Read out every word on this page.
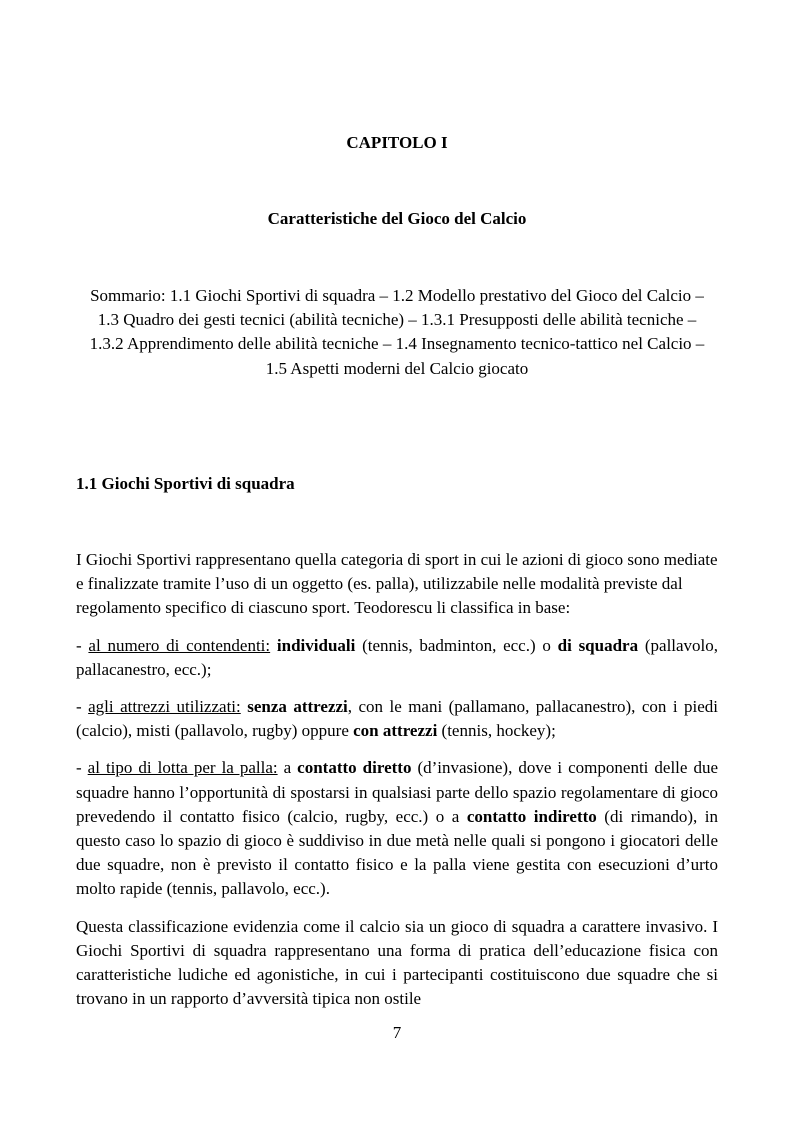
CAPITOLO I
Caratteristiche del Gioco del Calcio

Sommario: 1.1 Giochi Sportivi di squadra – 1.2 Modello prestativo del Gioco del Calcio – 1.3 Quadro dei gesti tecnici (abilità tecniche) – 1.3.1 Presupposti delle abilità tecniche – 1.3.2 Apprendimento delle abilità tecniche – 1.4 Insegnamento tecnico-tattico nel Calcio – 1.5 Aspetti moderni del Calcio giocato

1.1 Giochi Sportivi di squadra

I Giochi Sportivi rappresentano quella categoria di sport in cui le azioni di gioco sono mediate e finalizzate tramite l’uso di un oggetto (es. palla), utilizzabile nelle modalità previste dal regolamento specifico di ciascuno sport. Teodorescu li classifica in base:

- al numero di contendenti: individuali (tennis, badminton, ecc.) o di squadra (pallavolo, pallacanestro, ecc.);

- agli attrezzi utilizzati: senza attrezzi, con le mani (pallamano, pallacanestro), con i piedi (calcio), misti (pallavolo, rugby) oppure con attrezzi (tennis, hockey);

- al tipo di lotta per la palla: a contatto diretto (d’invasione), dove i componenti delle due squadre hanno l’opportunità di spostarsi in qualsiasi parte dello spazio regolamentare di gioco prevedendo il contatto fisico (calcio, rugby, ecc.) o a contatto indiretto (di rimando), in questo caso lo spazio di gioco è suddiviso in due metà nelle quali si pongono i giocatori delle due squadre, non è previsto il contatto fisico e la palla viene gestita con esecuzioni d’urto molto rapide (tennis, pallavolo, ecc.).

Questa classificazione evidenzia come il calcio sia un gioco di squadra a carattere invasivo. I Giochi Sportivi di squadra rappresentano una forma di pratica dell’educazione fisica con caratteristiche ludiche ed agonistiche, in cui i partecipanti costituiscono due squadre che si trovano in un rapporto d’avversità tipica non ostile

7
